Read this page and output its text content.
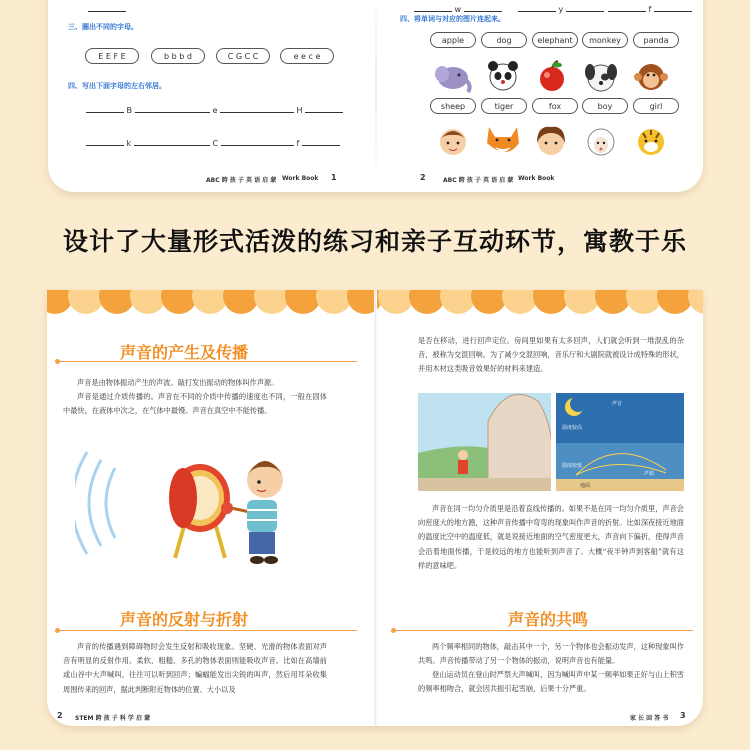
三、圈出不同的字母。
E E F E	b b b d	C G C C	e e c e
四、写出下面字母的左右邻居。
B	e	H
k	C	f
ABC 跨 孩 子 英 语 启 蒙 Work Book 1
w	y	f
四、将单词与对应的图片连起来。
apple	dog	elephant	monkey	panda
sheep	tiger	fox	boy	girl
2	ABC 跨 孩 子 英 语 启 蒙 Work Book
设计了大量形式活泼的练习和亲子互动环节，寓教于乐
声音的产生及传播
声音是由物体振动产生的声波。敲打发出振动的物体叫作声源。
声音是通过介质传播的。声音在不同的介质中传播的速度也不同，一般在固体中最快，在液体中次之，在气体中最慢。声音在真空中不能传播。
声音的反射与折射
声音的传播遇到障碍物时会发生反射和吸收现象。坚硬、光滑的物体表面对声音有明显的反射作用。柔软、粗糙、多孔的物体表面则能吸收声音。比如在高墙前或山谷中大声喊叫，往往可以听到回声；蝙蝠能发出尖锐的叫声，然后用耳朵收集周围传来的回声，据此判断附近物体的位置、大小以及
2 STEM 跨 孩 子 科 学 启 蒙
是否在移动，进行回声定位。房间里如果有太多回声，人们就会听到一堆混乱的杂音，被称为交混回响。为了减少交混回响，音乐厅和大剧院就被设计成特殊的形状，并用木材这类吸音效果好的材料来建造。
声音
温度较高
温度较低
地面
声源
声音在同一均匀介质里是沿着直线传播的。如果不是在同一均匀介质里，声音会向密度大的地方跑，这种声音传播中弯弯的现象叫作声音的折射。比如深夜接近地面的温度比空中的温度低，就是说接近地面的空气密度更大，声音向下偏折，使得声音会沿着地面传播，于是较远的地方也能听到声音了。大概“夜半钟声到客船”就有这样的意味吧。
声音的共鸣
两个频率相同的物体，敲击其中一个，另一个物体也会振动发声，这种现象叫作共鸣。声音传播带动了另一个物体的振动，说明声音也有能量。
登山运动员在登山时严禁大声喊叫，因为喊叫声中某一频率如果正好与山上积雪的频率相吻合，就会因共振引起雪崩，后果十分严重。
家 长 回 答 书 3
